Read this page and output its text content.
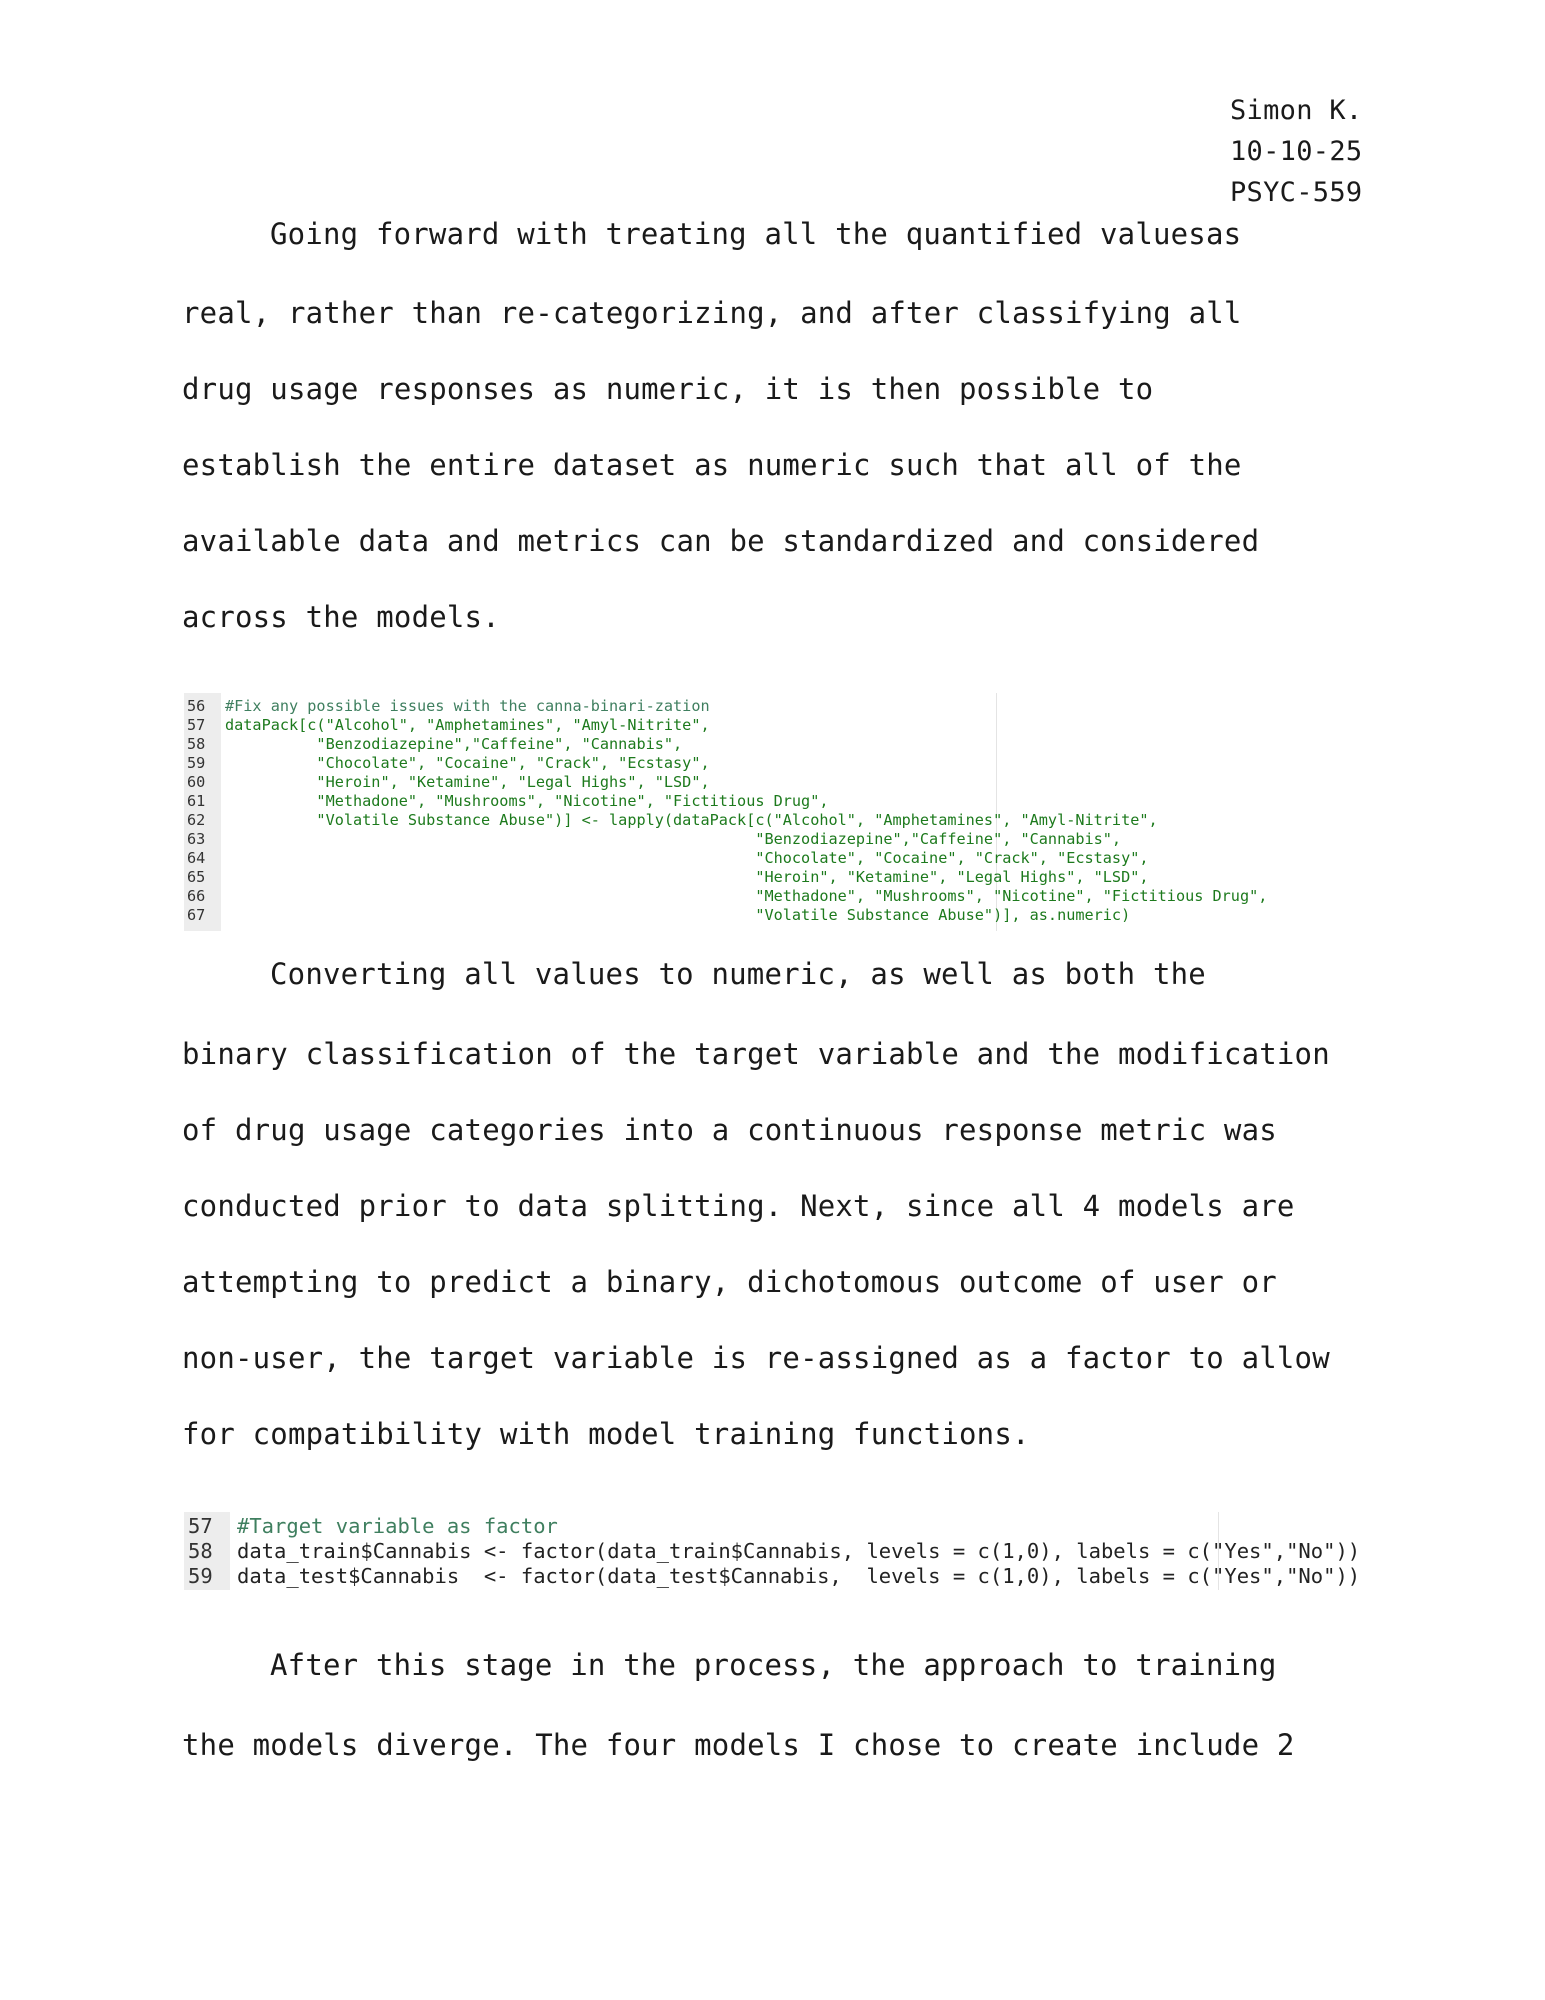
Simon K.
10-10-25
PSYC-559
Going forward with treating all the quantified valuesas
real, rather than re-categorizing, and after classifying all
drug usage responses as numeric, it is then possible to
establish the entire dataset as numeric such that all of the
available data and metrics can be standardized and considered
across the models.
56
57
58
59
60
61
62
63
64
65
66
67
#Fix any possible issues with the canna-binari-zation
dataPack[c("Alcohol", "Amphetamines", "Amyl-Nitrite",
"Benzodiazepine","Caffeine", "Cannabis",
"Chocolate", "Cocaine", "Crack", "Ecstasy",
"Heroin", "Ketamine", "Legal Highs", "LSD",
"Methadone", "Mushrooms", "Nicotine", "Fictitious Drug",
"Volatile Substance Abuse")] <- lapply(dataPack[c("Alcohol", "Amphetamines", "Amyl-Nitrite",
"Benzodiazepine","Caffeine", "Cannabis",
"Chocolate", "Cocaine", "Crack", "Ecstasy",
"Heroin", "Ketamine", "Legal Highs", "LSD",
"Methadone", "Mushrooms", "Nicotine", "Fictitious Drug",
"Volatile Substance Abuse")], as.numeric)
Converting all values to numeric, as well as both the
binary classification of the target variable and the modification
of drug usage categories into a continuous response metric was
conducted prior to data splitting. Next, since all 4 models are
attempting to predict a binary, dichotomous outcome of user or
non-user, the target variable is re-assigned as a factor to allow
for compatibility with model training functions.
57
58
59
#Target variable as factor
data_train$Cannabis <- factor(data_train$Cannabis, levels = c(1,0), labels = c("Yes","No"))
data_test$Cannabis  <- factor(data_test$Cannabis,  levels = c(1,0), labels = c("Yes","No"))
After this stage in the process, the approach to training
the models diverge. The four models I chose to create include 2
